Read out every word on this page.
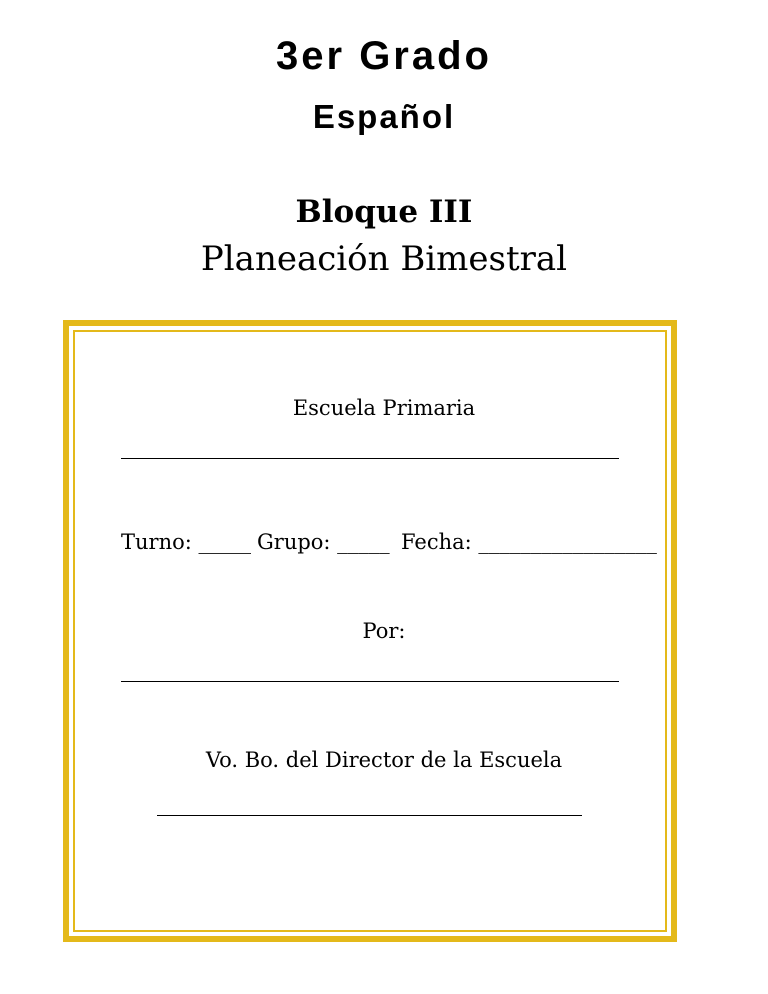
3er Grado
Español
Bloque III
Planeación Bimestral
Escuela Primaria
Turno: _____ Grupo: _____ Fecha: _________________
Por:
Vo. Bo. del Director de la Escuela
